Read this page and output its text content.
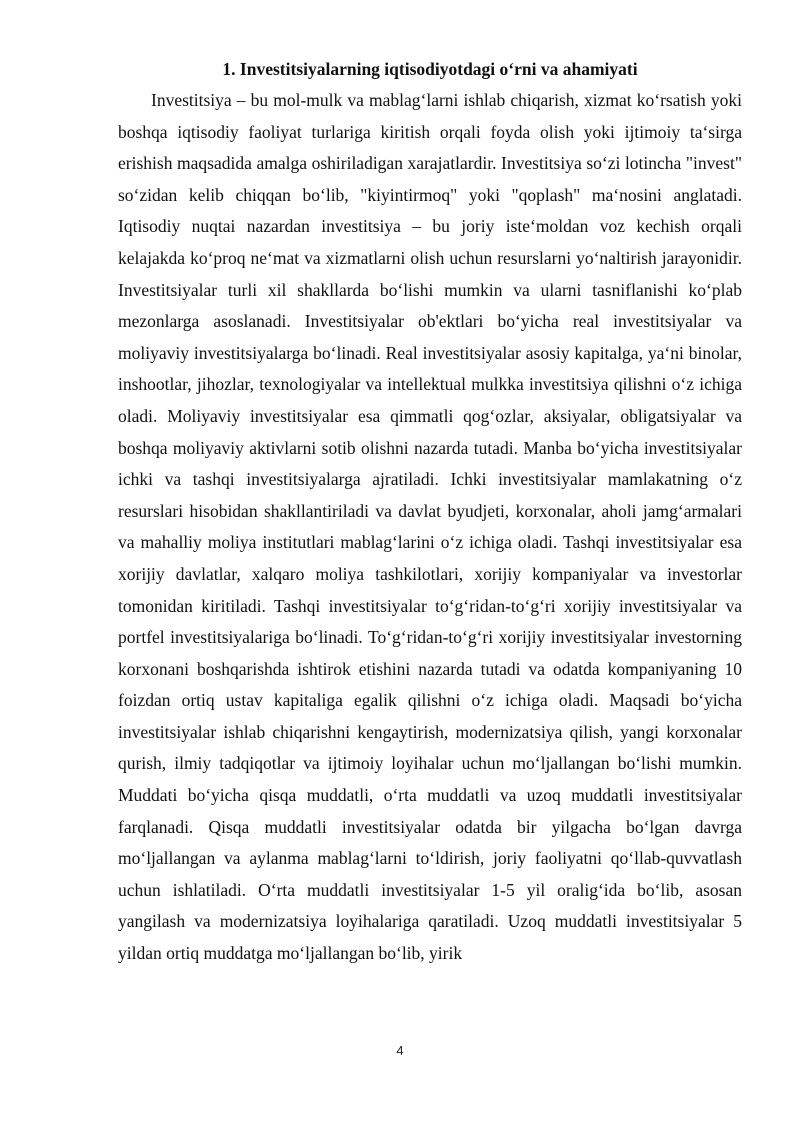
1. Investitsiyalarning iqtisodiyotdagi o‘rni va ahamiyati

Investitsiya – bu mol-mulk va mablag‘larni ishlab chiqarish, xizmat ko‘rsatish yoki boshqa iqtisodiy faoliyat turlariga kiritish orqali foyda olish yoki ijtimoiy ta‘sirga erishish maqsadida amalga oshiriladigan xarajatlardir. Investitsiya so‘zi lotincha "invest" so‘zidan kelib chiqqan bo‘lib, "kiyintirmoq" yoki "qoplash" ma‘nosini anglatadi. Iqtisodiy nuqtai nazardan investitsiya – bu joriy iste‘moldan voz kechish orqali kelajakda ko‘proq ne‘mat va xizmatlarni olish uchun resurslarni yo‘naltirish jarayonidir. Investitsiyalar turli xil shakllarda bo‘lishi mumkin va ularni tasniflanishi ko‘plab mezonlarga asoslanadi. Investitsiyalar ob'ektlari bo‘yicha real investitsiyalar va moliyaviy investitsiyalarga bo‘linadi. Real investitsiyalar asosiy kapitalga, ya‘ni binolar, inshootlar, jihozlar, texnologiyalar va intellektual mulkka investitsiya qilishni o‘z ichiga oladi. Moliyaviy investitsiyalar esa qimmatli qog‘ozlar, aksiyalar, obligatsiyalar va boshqa moliyaviy aktivlarni sotib olishni nazarda tutadi. Manba bo‘yicha investitsiyalar ichki va tashqi investitsiyalarga ajratiladi. Ichki investitsiyalar mamlakatning o‘z resurslari hisobidan shakllantiriladi va davlat byudjeti, korxonalar, aholi jamg‘armalari va mahalliy moliya institutlari mablag‘larini o‘z ichiga oladi. Tashqi investitsiyalar esa xorijiy davlatlar, xalqaro moliya tashkilotlari, xorijiy kompaniyalar va investorlar tomonidan kiritiladi. Tashqi investitsiyalar to‘g‘ridan-to‘g‘ri xorijiy investitsiyalar va portfel investitsiyalariga bo‘linadi. To‘g‘ridan-to‘g‘ri xorijiy investitsiyalar investorning korxonani boshqarishda ishtirok etishini nazarda tutadi va odatda kompaniyaning 10 foizdan ortiq ustav kapitaliga egalik qilishni o‘z ichiga oladi. Maqsadi bo‘yicha investitsiyalar ishlab chiqarishni kengaytirish, modernizatsiya qilish, yangi korxonalar qurish, ilmiy tadqiqotlar va ijtimoiy loyihalar uchun mo‘ljallangan bo‘lishi mumkin. Muddati bo‘yicha qisqa muddatli, o‘rta muddatli va uzoq muddatli investitsiyalar farqlanadi. Qisqa muddatli investitsiyalar odatda bir yilgacha bo‘lgan davrga mo‘ljallangan va aylanma mablag‘larni to‘ldirish, joriy faoliyatni qo‘llab-quvvatlash uchun ishlatiladi. O‘rta muddatli investitsiyalar 1-5 yil oralig‘ida bo‘lib, asosan yangilash va modernizatsiya loyihalariga qaratiladi. Uzoq muddatli investitsiyalar 5 yildan ortiq muddatga mo‘ljallangan bo‘lib, yirik

4
